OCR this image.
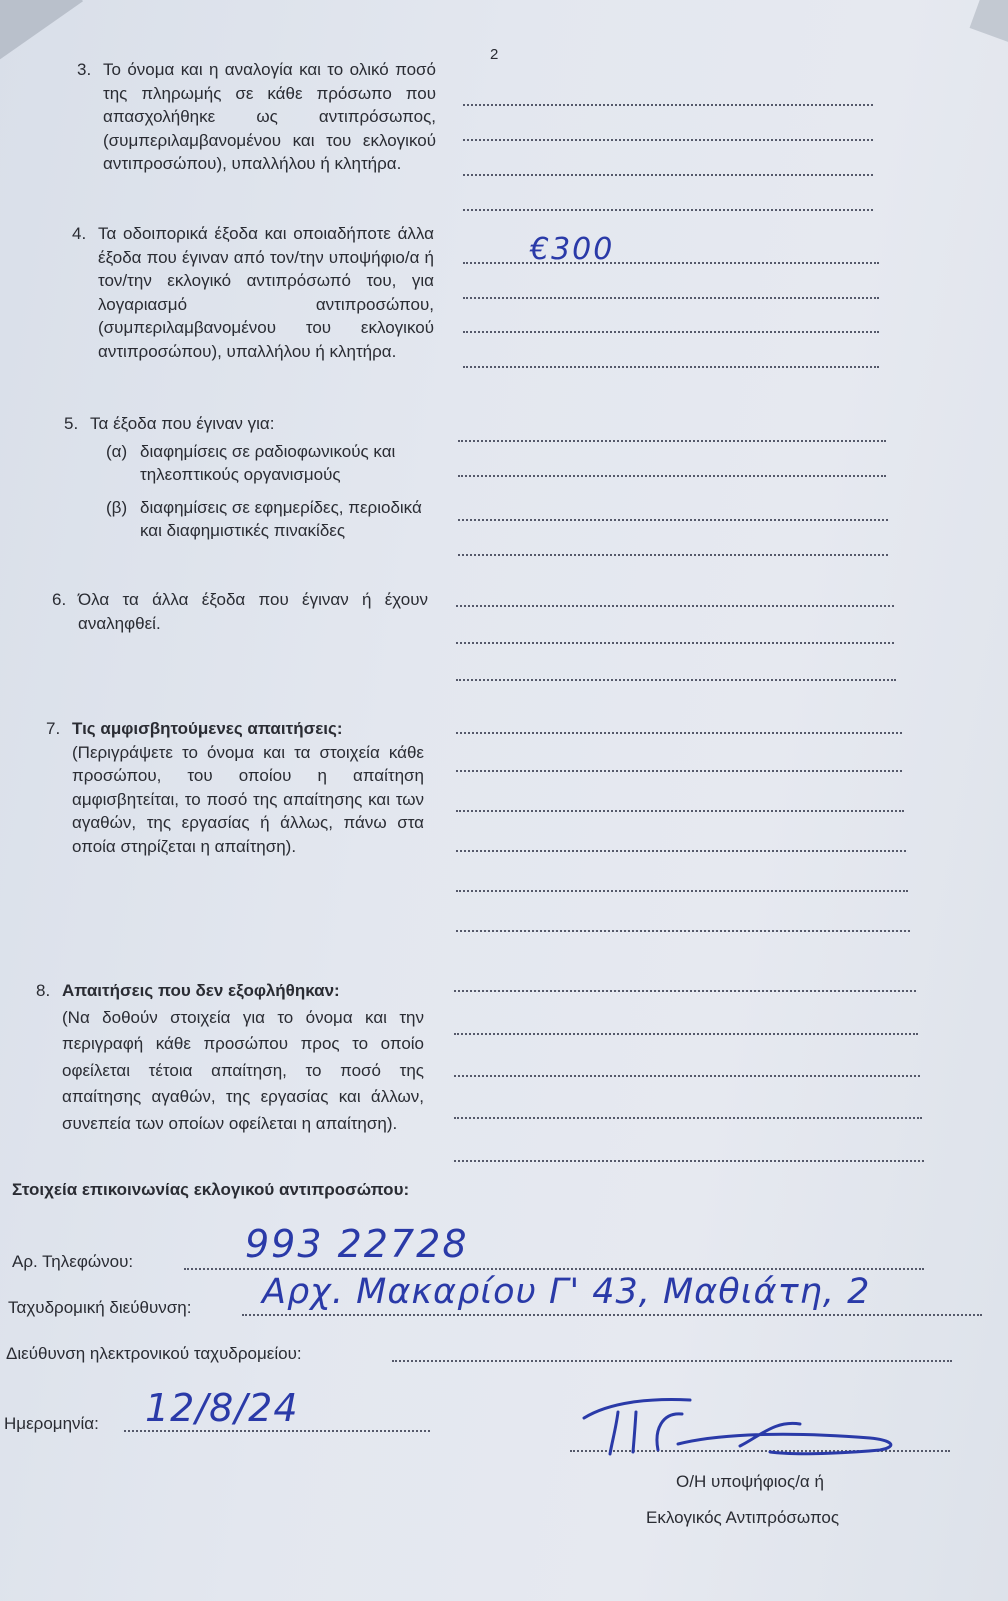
2
3. Το όνομα και η αναλογία και το ολικό ποσό της πληρωμής σε κάθε πρόσωπο που απασχολήθηκε ως αντιπρόσωπος, (συμπεριλαμβανομένου και του εκλογικού αντιπροσώπου), υπαλλήλου ή κλητήρα.
4. Τα οδοιπορικά έξοδα και οποιαδήποτε άλλα έξοδα που έγιναν από τον/την υποψήφιο/α ή τον/την εκλογικό αντιπρόσωπό του, για λογαριασμό αντιπροσώπου, (συμπεριλαμβανομένου του εκλογικού αντιπροσώπου), υπαλλήλου ή κλητήρα.
€300
5. Τα έξοδα που έγιναν για:
(α) διαφημίσεις σε ραδιοφωνικούς και τηλεοπτικούς οργανισμούς
(β) διαφημίσεις σε εφημερίδες, περιοδικά και διαφημιστικές πινακίδες
6. Όλα τα άλλα έξοδα που έγιναν ή έχουν αναληφθεί.
7. Τις αμφισβητούμενες απαιτήσεις:
(Περιγράψετε το όνομα και τα στοιχεία κάθε προσώπου, του οποίου η απαίτηση αμφισβητείται, το ποσό της απαίτησης και των αγαθών, της εργασίας ή άλλως, πάνω στα οποία στηρίζεται η απαίτηση).
8. Απαιτήσεις που δεν εξοφλήθηκαν:
(Να δοθούν στοιχεία για το όνομα και την περιγραφή κάθε προσώπου προς το οποίο οφείλεται τέτοια απαίτηση, το ποσό της απαίτησης αγαθών, της εργασίας και άλλων, συνεπεία των οποίων οφείλεται η απαίτηση).
Στοιχεία επικοινωνίας εκλογικού αντιπροσώπου:
Αρ. Τηλεφώνου:	993 22728
Ταχυδρομική διεύθυνση: Αρχ. Μακαρίου Γ' 43, Μαθιάτη, 2
Διεύθυνση ηλεκτρονικού ταχυδρομείου:
Ημερομηνία: 12/8/24
Ο/Η υποψήφιος/α ή
Εκλογικός Αντιπρόσωπος
